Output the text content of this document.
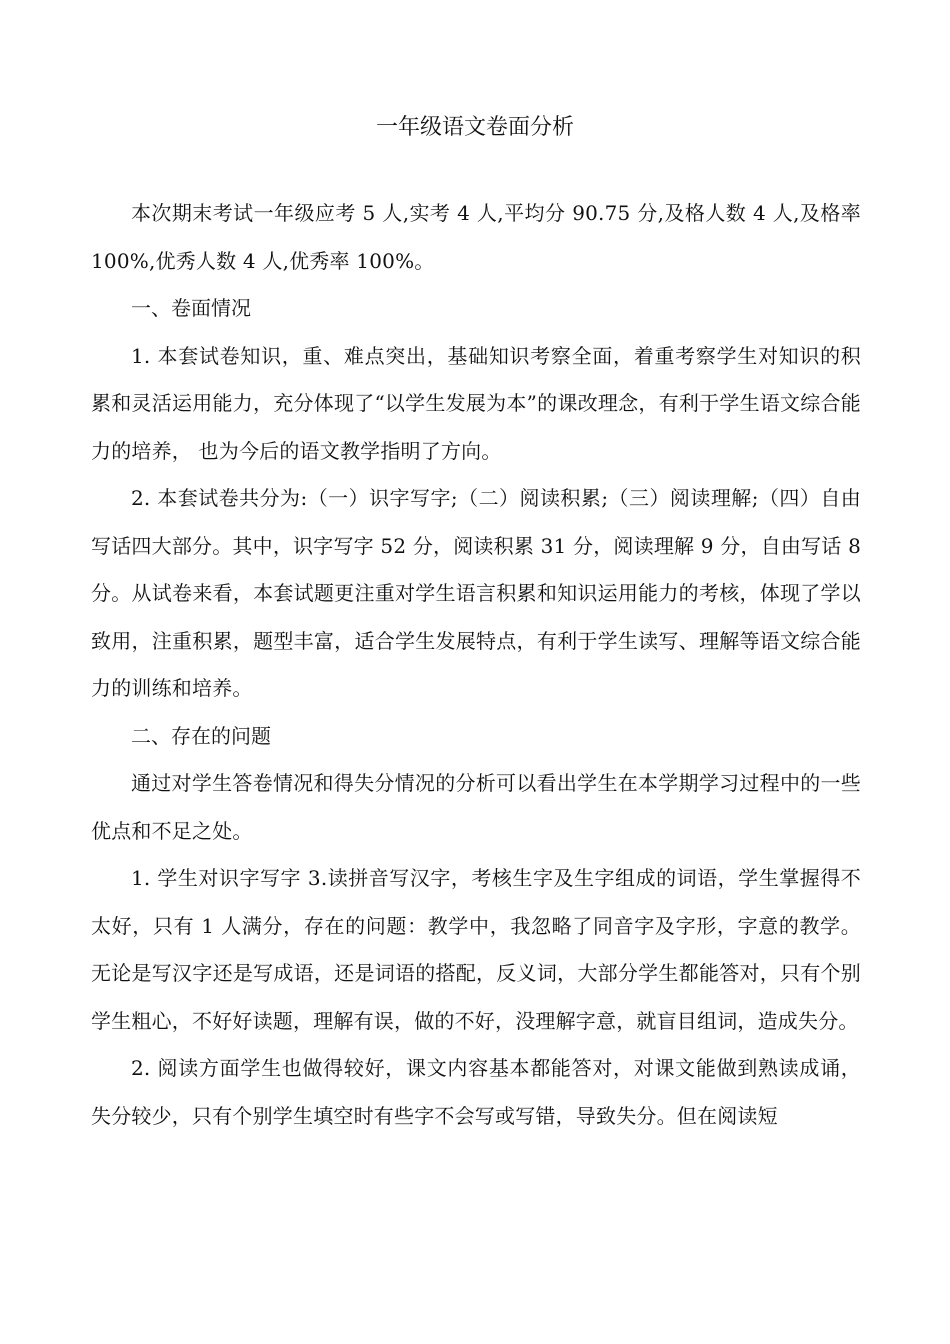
一年级语文卷面分析

本次期末考试一年级应考 5 人,实考 4 人,平均分 90.75 分,及格人数 4 人,及格率 100%,优秀人数 4 人,优秀率 100%。

一、卷面情况

1. 本套试卷知识，重、难点突出，基础知识考察全面，着重考察学生对知识的积累和灵活运用能力，充分体现了“以学生发展为本”的课改理念，有利于学生语文综合能力的培养， 也为今后的语文教学指明了方向。

2. 本套试卷共分为:（一）识字写字;（二）阅读积累;（三）阅读理解;（四）自由写话四大部分。其中，识字写字 52 分，阅读积累 31 分，阅读理解 9 分，自由写话 8 分。从试卷来看，本套试题更注重对学生语言积累和知识运用能力的考核，体现了学以致用，注重积累，题型丰富，适合学生发展特点，有利于学生读写、理解等语文综合能力的训练和培养。

二、存在的问题

通过对学生答卷情况和得失分情况的分析可以看出学生在本学期学习过程中的一些优点和不足之处。

1. 学生对识字写字 3.读拼音写汉字，考核生字及生字组成的词语，学生掌握得不太好，只有 1 人满分，存在的问题：教学中，我忽略了同音字及字形，字意的教学。无论是写汉字还是写成语，还是词语的搭配，反义词，大部分学生都能答对，只有个别学生粗心，不好好读题，理解有误，做的不好，没理解字意，就盲目组词，造成失分。

2. 阅读方面学生也做得较好，课文内容基本都能答对，对课文能做到熟读成诵，失分较少，只有个别学生填空时有些字不会写或写错，导致失分。但在阅读短
